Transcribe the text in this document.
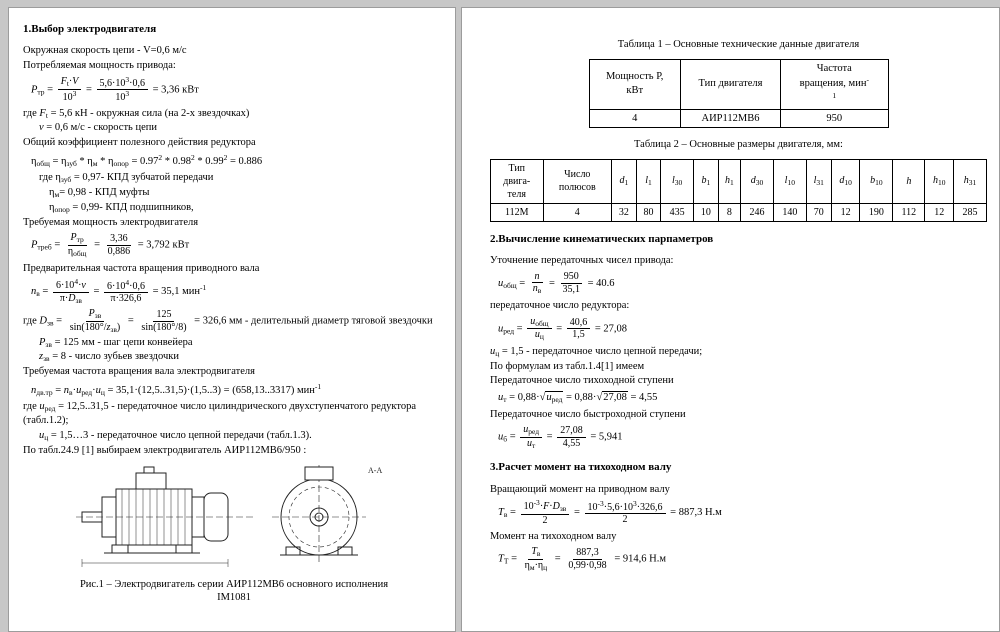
1.Выбор электродвигателя
Окружная скорость цепи - V=0,6 м/с
Потребляемая мощность привода:
Pтр = $\frac{F_t\cdot V}{10^3} = \frac{5,6\cdot 10^3\cdot 0,6}{10^3} = 3,36$ кВт
где Ft = 5,6 кН - окружная сила (на 2-х звездочках)
v = 0,6 м/с - скорость цепи
Общий коэффициент полезного действия редуктора
ηобщ = ηзуб * ηм * ηопор = $0.97^2 * 0.98^2 * 0.99^2 = 0.886$
где ηзуб = 0,97- КПД зубчатой передачи
ηм= 0,98 - КПД муфты
ηопор = 0,99- КПД подшипников,
Требуемая мощность электродвигателя
Pтреб = $\frac{P_{тр}}{\eta_{общ}} = \frac{3,36}{0,886} = 3,792$ кВт
Предварительная частота вращения приводного вала
nв = $\frac{6\cdot 10^4\cdot v}{\pi\cdot D_{зв}} = \frac{6\cdot 10^4\cdot 0,6}{\pi\cdot 326,6} = 35,1$ мин$^{-1}$
где Dзв = $\frac{P_{зв}}{\sin(180^\circ/z_{зв})} = \frac{125}{\sin(180^\circ/8)} = 326,6$ мм - делительный диаметр тяговой звездочки
Pзв = 125 мм - шаг цепи конвейера
zзв = 8 - число зубьев звездочки
Требуемая частота вращения вала электродвигателя
nдв.тр = nв·uред·uц = 35,1·(12,5..31,5)·(1,5..3) = (658,13..3317) мин$^{-1}$
где uред = 12,5..31,5 - передаточное число цилиндрического двухступенчатого редуктора (табл.1.2);
uц = 1,5…3 - передаточное число цепной передачи (табл.1.3).
По табл.24.9 [1] выбираем электродвигатель АИР112МВ6/950 :
А-А
Рис.1 – Электродвигатель серии АИР112МВ6 основного исполнения
IM1081
Таблица 1 – Основные технические данные двигателя
Мощность Р,
кВт	Тип двигателя	Частота
вращения, мин-
$^1$
4	АИР112МВ6	950
Таблица 2 – Основные размеры двигателя, мм:
Тип
двига-
теля	Число
полюсов	$d_1$	$l_1$	$l_{30}$	$b_1$	$h_1$	$d_{30}$	$l_{10}$	$l_{31}$	$d_{10}$	$b_{10}$	h	$h_{10}$	$h_{31}$
112М	4	32	80	435	10	8	246	140	70	12	190	112	12	285
2.Вычисление кинематических парпаметров
Уточнение передаточных чисел привода:
uобщ = $\frac{n}{n_в} = \frac{950}{35,1} = 40.6$
передаточное число редуктора:
uред = $\frac{u_{общ}}{u_ц} = \frac{40,6}{1,5} = 27,08$
uц = 1,5 - передаточное число цепной передачи;
По формулам из табл.1.4[1] имеем
Передаточное число тихоходной ступени
uт = 0,88·√uред = 0,88·√27,08 = 4,55
Передаточное число быстроходной ступени
uб = $\frac{u_{ред}}{u_т} = \frac{27,08}{4,55} = 5,941$
3.Расчет момент на тихоходном валу
Вращающий момент на приводном валу
Tв = $\frac{10^{-3}\cdot F\cdot D_{зв}}{2} = \frac{10^{-3}\cdot 5,6\cdot 10^3\cdot 326,6}{2} = 887,3$ Н.м
Момент на тихоходном валу
TТ = $\frac{T_в}{\eta_м\cdot\eta_ц} = \frac{887,3}{0,99\cdot 0,98} = 914,6$ Н.м
